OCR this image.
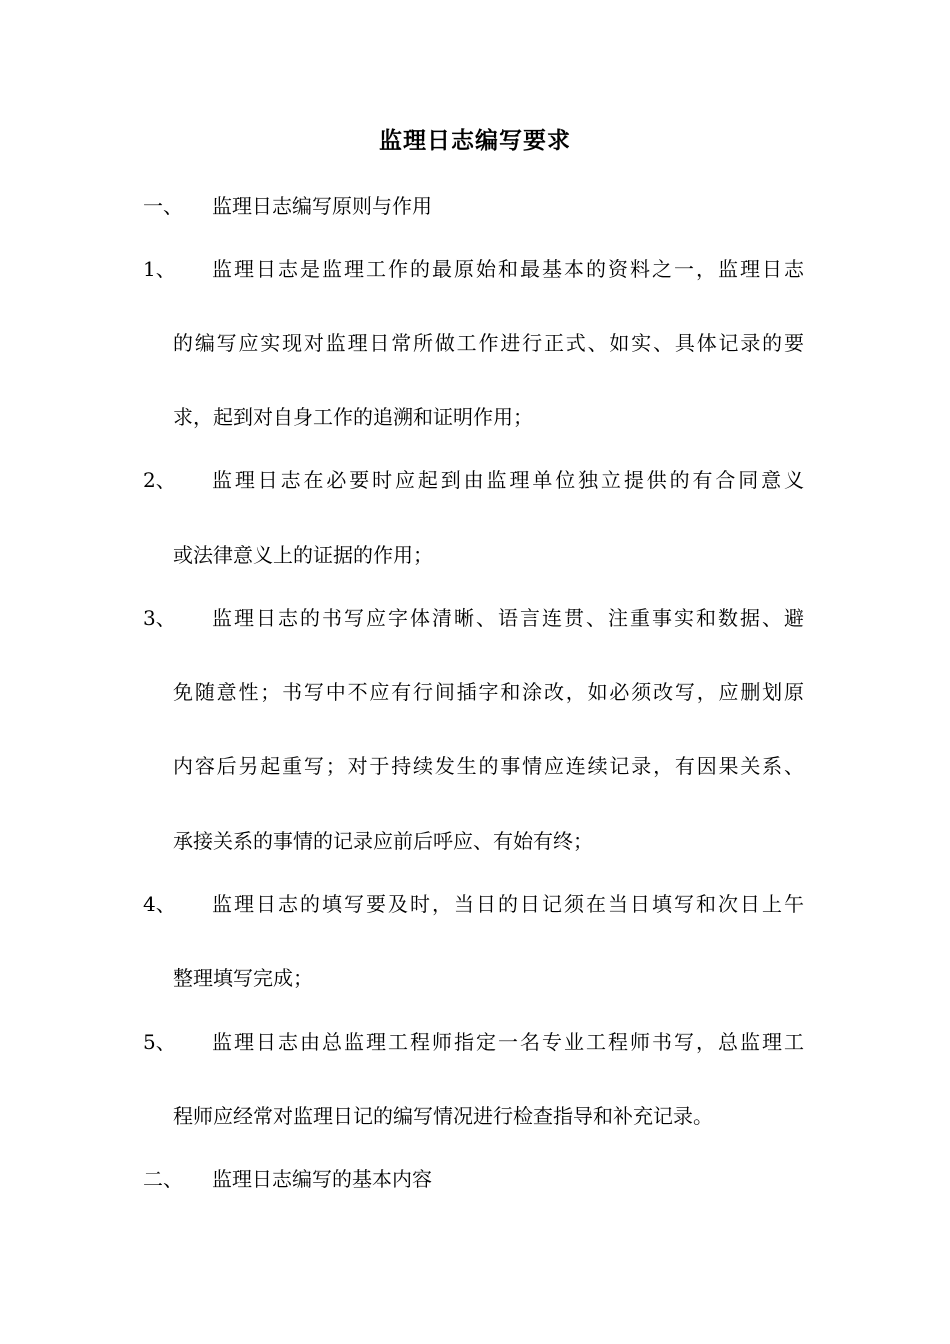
监理日志编写要求
一、	监理日志编写原则与作用
1、	监理日志是监理工作的最原始和最基本的资料之一，监理日志
的编写应实现对监理日常所做工作进行正式、如实、具体记录的要
求，起到对自身工作的追溯和证明作用；
2、	监理日志在必要时应起到由监理单位独立提供的有合同意义
或法律意义上的证据的作用；
3、	监理日志的书写应字体清晰、语言连贯、注重事实和数据、避
免随意性；书写中不应有行间插字和涂改，如必须改写，应删划原
内容后另起重写；对于持续发生的事情应连续记录，有因果关系、
承接关系的事情的记录应前后呼应、有始有终；
4、	监理日志的填写要及时，当日的日记须在当日填写和次日上午
整理填写完成；
5、	监理日志由总监理工程师指定一名专业工程师书写，总监理工
程师应经常对监理日记的编写情况进行检查指导和补充记录。
二、	监理日志编写的基本内容
